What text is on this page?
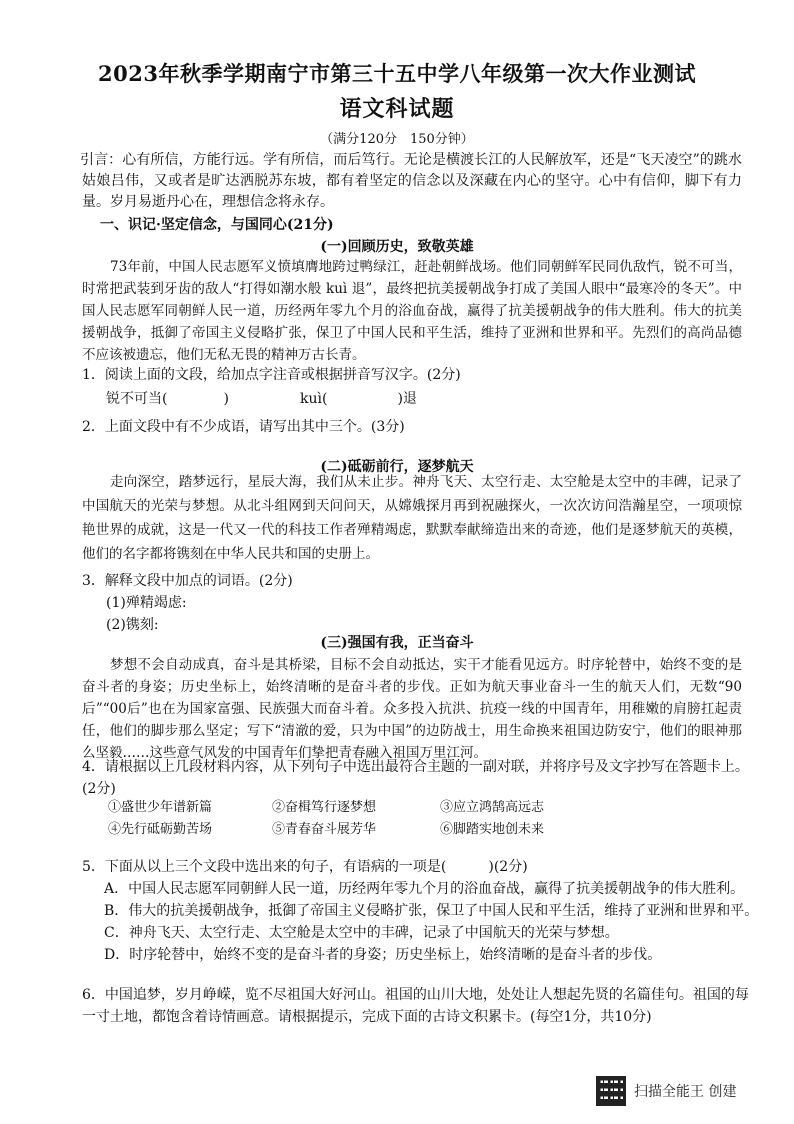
2023年秋季学期南宁市第三十五中学八年级第一次大作业测试
语文科试题
（满分120分　150分钟）
引言：心有所信，方能行远。学有所信，而后笃行。无论是横渡长江的人民解放军，还是“飞天凌空”的跳水姑娘吕伟，又或者是旷达洒脱苏东坡，都有着坚定的信念以及深藏在内心的坚守。心中有信仰，脚下有力量。岁月易逝丹心在，理想信念将永存。
一、识记·坚定信念，与国同心(21分)
(一)回顾历史，致敬英雄
73年前，中国人民志愿军义愤填膺地跨过鸭绿江，赶赴朝鲜战场。他们同朝鲜军民同仇敌忾，锐不可当，时常把武装到牙齿的敌人“打得如潮水般 kuì 退”，最终把抗美援朝战争打成了美国人眼中“最寒冷的冬天”。中国人民志愿军同朝鲜人民一道，历经两年零九个月的浴血奋战，赢得了抗美援朝战争的伟大胜利。伟大的抗美援朝战争，抵御了帝国主义侵略扩张，保卫了中国人民和平生活，维持了亚洲和世界和平。先烈们的高尚品德不应该被遗忘，他们无私无畏的精神万古长青。
1．阅读上面的文段，给加点字注音或根据拼音写汉字。(2分)
锐不可当(　　　　)	kuì(　　　　　)退
2．上面文段中有不少成语，请写出其中三个。(3分)
(二)砥砺前行，逐梦航天
走向深空，踏梦远行，星辰大海，我们从未止步。神舟飞天、太空行走、太空舱是太空中的丰碑，记录了中国航天的光荣与梦想。从北斗组网到天问问天，从嫦娥探月再到祝融探火，一次次访问浩瀚星空，一项项惊艳世界的成就，这是一代又一代的科技工作者殚精竭虑，默默奉献缔造出来的奇迹，他们是逐梦航天的英模，他们的名字都将镌刻在中华人民共和国的史册上。
3．解释文段中加点的词语。(2分)
(1)殚精竭虑:
(2)镌刻:
(三)强国有我，正当奋斗
梦想不会自动成真，奋斗是其桥梁，目标不会自动抵达，实干才能看见远方。时序轮替中，始终不变的是奋斗者的身姿；历史坐标上，始终清晰的是奋斗者的步伐。正如为航天事业奋斗一生的航天人们，无数“90后”“00后”也在为国家富强、民族强大而奋斗着。众多投入抗洪、抗疫一线的中国青年，用稚嫩的肩膀扛起责任，他们的脚步那么坚定；写下“清澈的爱，只为中国”的边防战士，用生命换来祖国边防安宁，他们的眼神那么坚毅……这些意气风发的中国青年们挚把青春融入祖国万里江河。
4．请根据以上几段材料内容，从下列句子中选出最符合主题的一副对联，并将序号及文字抄写在答题卡上。(2分)
①盛世少年谱新篇	②奋楫笃行逐梦想	③应立鸿鹄高远志
④先行砥砺勤苦场	⑤青春奋斗展芳华	⑥脚踏实地创未来
5．下面从以上三个文段中选出来的句子，有语病的一项是(　　　)(2分)
A．中国人民志愿军同朝鲜人民一道，历经两年零九个月的浴血奋战，赢得了抗美援朝战争的伟大胜利。
B．伟大的抗美援朝战争，抵御了帝国主义侵略扩张，保卫了中国人民和平生活，维持了亚洲和世界和平。
C．神舟飞天、太空行走、太空舱是太空中的丰碑，记录了中国航天的光荣与梦想。
D．时序轮替中，始终不变的是奋斗者的身姿；历史坐标上，始终清晰的是奋斗者的步伐。
6．中国追梦，岁月峥嵘，览不尽祖国大好河山。祖国的山川大地，处处让人想起先贤的名篇佳句。祖国的每一寸土地，都饱含着诗情画意。请根据提示，完成下面的古诗文积累卡。(每空1分，共10分)
扫描全能王 创建
